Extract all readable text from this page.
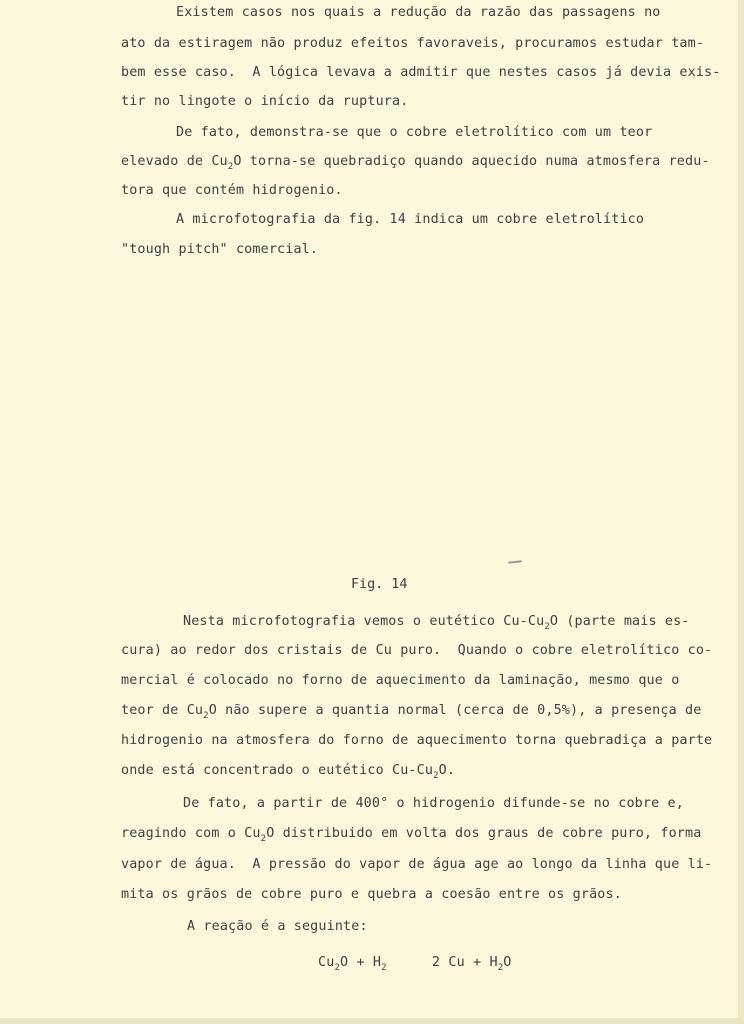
Existem casos nos quais a redução da razão das passagens no
ato da estiragem não produz efeitos favoraveis, procuramos estudar tam-
bem esse caso.  A lógica levava a admitir que nestes casos já devia exis-
tir no lingote o início da ruptura.
De fato, demonstra-se que o cobre eletrolítico com um teor
elevado de $Cu_2O$ torna-se quebradiço quando aquecido numa atmosfera redu-
tora que contém hidrogenio.
A microfotografia da fig. 14 indica um cobre eletrolítico
"tough pitch" comercial.
Fig. 14
Nesta microfotografia vemos o eutético $Cu-Cu_2O$ (parte mais es-
cura) ao redor dos cristais de Cu puro.  Quando o cobre eletrolítico co-
mercial é colocado no forno de aquecimento da laminação, mesmo que o
teor de $Cu_2O$ não supere a quantia normal (cerca de 0,5%), a presença de
hidrogenio na atmosfera do forno de aquecimento torna quebradiça a parte
onde está concentrado o eutético $Cu-Cu_2O$.
De fato, a partir de 400° o hidrogenio difunde-se no cobre e,
reagindo com o $Cu_2O$ distribuido em volta dos graus de cobre puro, forma
vapor de água.  A pressão do vapor de água age ao longo da linha que li-
mita os grãos de cobre puro e quebra a coesão entre os grãos.
A reação é a seguinte:
$Cu_2O + H_2$	2 $Cu + H_2O$
